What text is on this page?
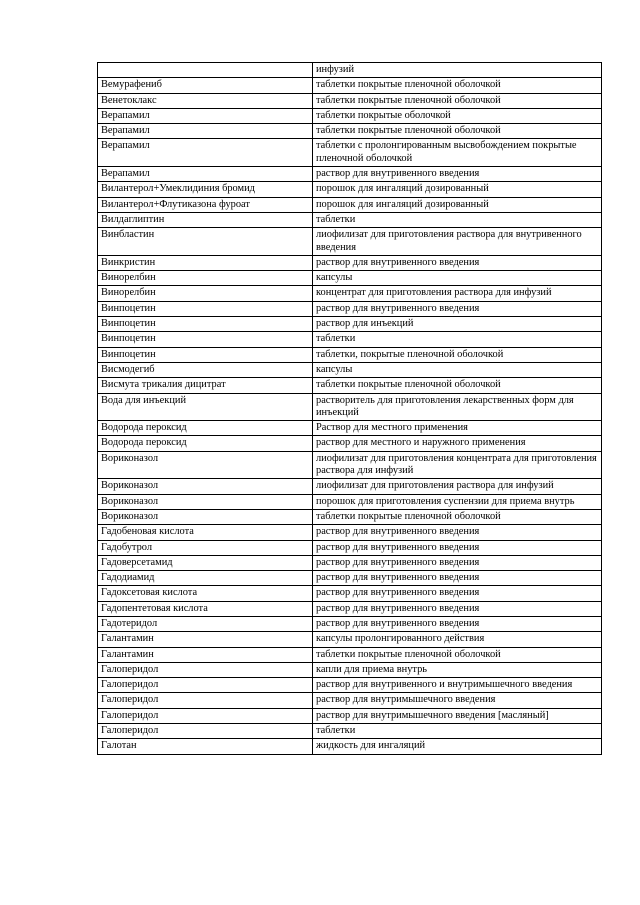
	инфузий
Вемурафениб	таблетки покрытые пленочной оболочкой
Венетоклакс	таблетки покрытые пленочной оболочкой
Верапамил	таблетки покрытые оболочкой
Верапамил	таблетки покрытые пленочной оболочкой
Верапамил	таблетки с пролонгированным высвобождением покрытые пленочной оболочкой
Верапамил	раствор для внутривенного введения
Вилантерол+Умеклидиния бромид	порошок для ингаляций дозированный
Вилантерол+Флутиказона фуроат	порошок для ингаляций дозированный
Вилдаглиптин	таблетки
Винбластин	лиофилизат для приготовления раствора для внутривенного введения
Винкристин	раствор для внутривенного введения
Винорелбин	капсулы
Винорелбин	концентрат для приготовления раствора для инфузий
Винпоцетин	раствор для внутривенного введения
Винпоцетин	раствор для инъекций
Винпоцетин	таблетки
Винпоцетин	таблетки, покрытые пленочной оболочкой
Висмодегиб	капсулы
Висмута трикалия дицитрат	таблетки покрытые пленочной оболочкой
Вода для инъекций	растворитель для приготовления лекарственных форм для инъекций
Водорода пероксид	Раствор для местного применения
Водорода пероксид	раствор для местного и наружного применения
Вориконазол	лиофилизат для приготовления концентрата для приготовления раствора для инфузий
Вориконазол	лиофилизат для приготовления раствора для инфузий
Вориконазол	порошок для приготовления суспензии для приема внутрь
Вориконазол	таблетки покрытые пленочной оболочкой
Гадобеновая кислота	раствор для внутривенного введения
Гадобутрол	раствор для внутривенного введения
Гадоверсетамид	раствор для внутривенного введения
Гадодиамид	раствор для внутривенного введения
Гадоксетовая кислота	раствор для внутривенного введения
Гадопентетовая кислота	раствор для внутривенного введения
Гадотеридол	раствор для внутривенного введения
Галантамин	капсулы пролонгированного действия
Галантамин	таблетки покрытые пленочной оболочкой
Галоперидол	капли для приема внутрь
Галоперидол	раствор для внутривенного и внутримышечного введения
Галоперидол	раствор для внутримышечного введения
Галоперидол	раствор для внутримышечного введения [масляный]
Галоперидол	таблетки
Галотан	жидкость для ингаляций
